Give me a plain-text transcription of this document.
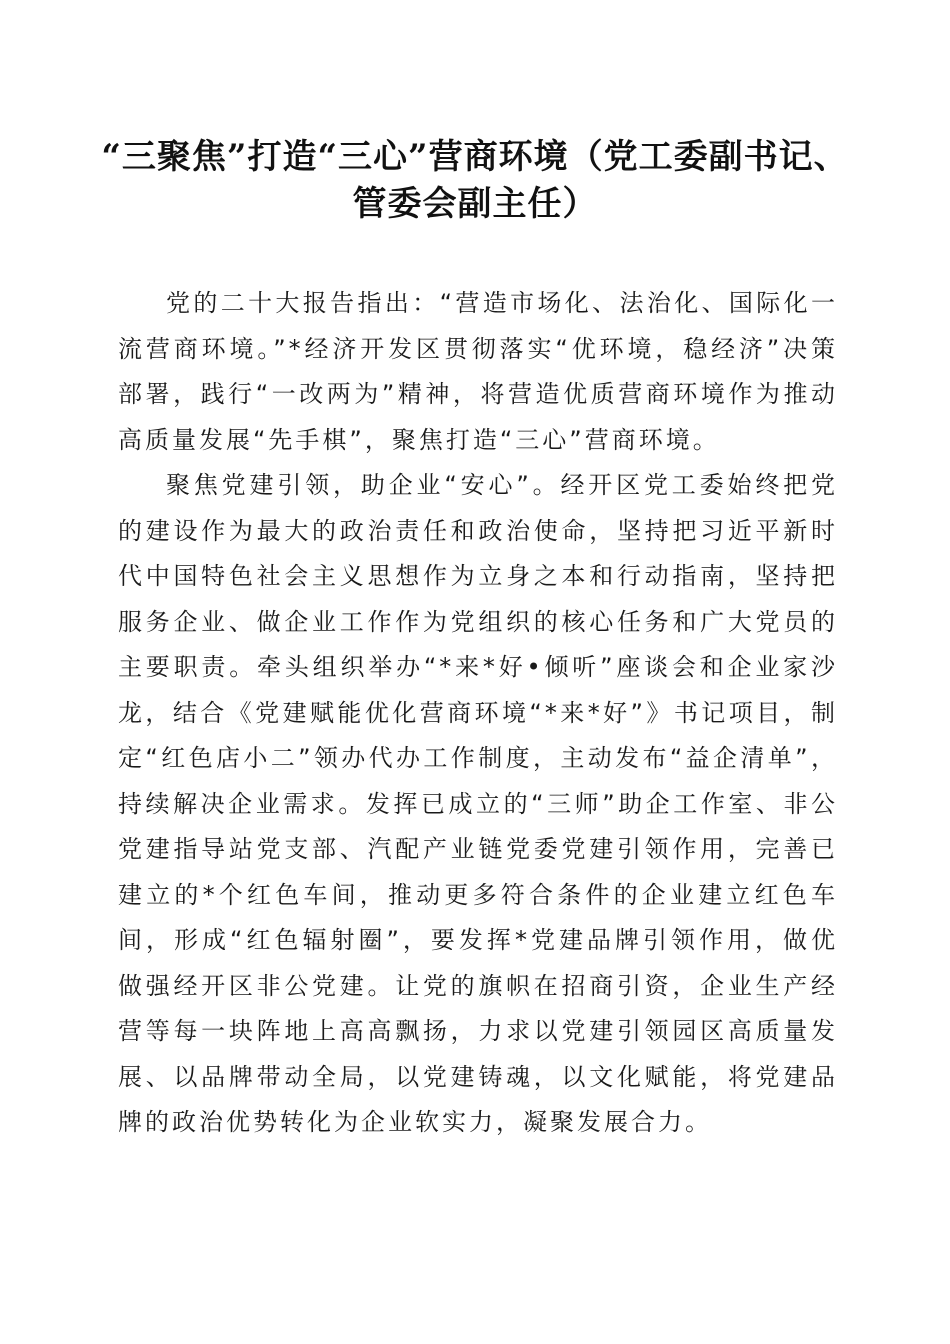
“三聚焦”打造“三心”营商环境（党工委副书记、管委会副主任）

党的二十大报告指出：“营造市场化、法治化、国际化一流营商环境。”*经济开发区贯彻落实“优环境，稳经济”决策部署，践行“一改两为”精神，将营造优质营商环境作为推动高质量发展“先手棋”，聚焦打造“三心”营商环境。

聚焦党建引领，助企业“安心”。经开区党工委始终把党的建设作为最大的政治责任和政治使命，坚持把习近平新时代中国特色社会主义思想作为立身之本和行动指南，坚持把服务企业、做企业工作作为党组织的核心任务和广大党员的主要职责。牵头组织举办“*来*好•倾听”座谈会和企业家沙龙，结合《党建赋能优化营商环境“*来*好”》书记项目，制定“红色店小二”领办代办工作制度，主动发布“益企清单”，持续解决企业需求。发挥已成立的“三师”助企工作室、非公党建指导站党支部、汽配产业链党委党建引领作用，完善已建立的*个红色车间，推动更多符合条件的企业建立红色车间，形成“红色辐射圈”，要发挥*党建品牌引领作用，做优做强经开区非公党建。让党的旗帜在招商引资，企业生产经营等每一块阵地上高高飘扬，力求以党建引领园区高质量发展、以品牌带动全局，以党建铸魂，以文化赋能，将党建品牌的政治优势转化为企业软实力，凝聚发展合力。
